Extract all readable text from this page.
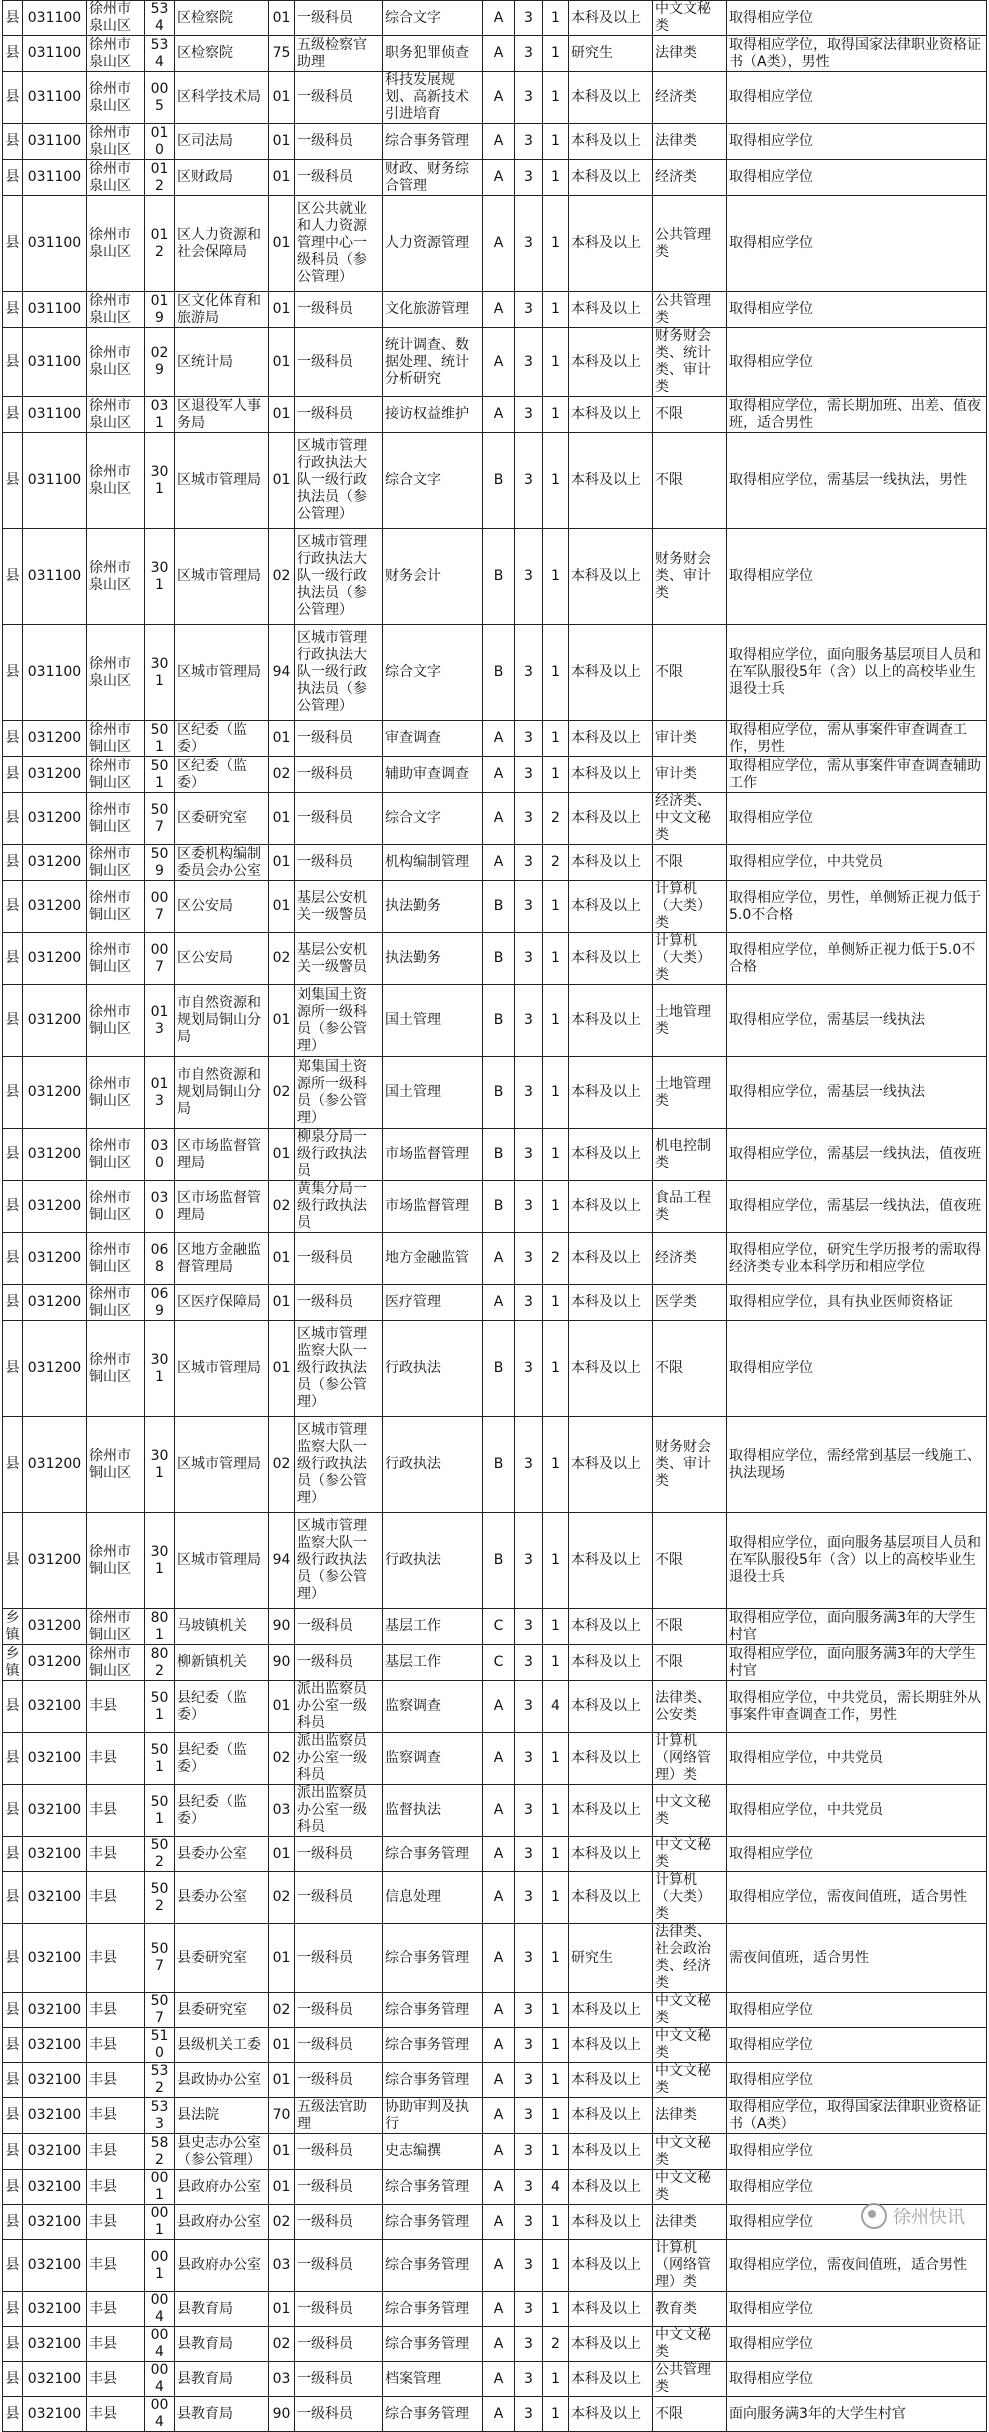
县	031100	徐州市泉山区	534	区检察院	01	一级科员	综合文字	A	3	1	本科及以上	中文文秘类	取得相应学位
县	031100	徐州市泉山区	534	区检察院	75	五级检察官助理	职务犯罪侦查	A	3	1	研究生	法律类	取得相应学位，取得国家法律职业资格证书（A类），男性
县	031100	徐州市泉山区	005	区科学技术局	01	一级科员	科技发展规划、高新技术引进培育	A	3	1	本科及以上	经济类	取得相应学位
县	031100	徐州市泉山区	010	区司法局	01	一级科员	综合事务管理	A	3	1	本科及以上	法律类	取得相应学位
县	031100	徐州市泉山区	012	区财政局	01	一级科员	财政、财务综合管理	A	3	1	本科及以上	经济类	取得相应学位
县	031100	徐州市泉山区	012	区人力资源和社会保障局	01	区公共就业和人力资源管理中心一级科员（参公管理）	人力资源管理	A	3	1	本科及以上	公共管理类	取得相应学位
县	031100	徐州市泉山区	019	区文化体育和旅游局	01	一级科员	文化旅游管理	A	3	1	本科及以上	公共管理类	取得相应学位
县	031100	徐州市泉山区	029	区统计局	01	一级科员	统计调查、数据处理、统计分析研究	A	3	1	本科及以上	财务财会类、统计类、审计类	取得相应学位
县	031100	徐州市泉山区	031	区退役军人事务局	01	一级科员	接访权益维护	A	3	1	本科及以上	不限	取得相应学位，需长期加班、出差、值夜班，适合男性
县	031100	徐州市泉山区	301	区城市管理局	01	区城市管理行政执法大队一级行政执法员（参公管理）	综合文字	B	3	1	本科及以上	不限	取得相应学位，需基层一线执法，男性
县	031100	徐州市泉山区	301	区城市管理局	02	区城市管理行政执法大队一级行政执法员（参公管理）	财务会计	B	3	1	本科及以上	财务财会类、审计类	取得相应学位
县	031100	徐州市泉山区	301	区城市管理局	94	区城市管理行政执法大队一级行政执法员（参公管理）	综合文字	B	3	1	本科及以上	不限	取得相应学位，面向服务基层项目人员和在军队服役5年（含）以上的高校毕业生退役士兵
县	031200	徐州市铜山区	501	区纪委（监委）	01	一级科员	审查调查	A	3	1	本科及以上	审计类	取得相应学位，需从事案件审查调查工作，男性
县	031200	徐州市铜山区	501	区纪委（监委）	02	一级科员	辅助审查调查	A	3	1	本科及以上	审计类	取得相应学位，需从事案件审查调查辅助工作
县	031200	徐州市铜山区	507	区委研究室	01	一级科员	综合文字	A	3	2	本科及以上	经济类、中文文秘类	取得相应学位
县	031200	徐州市铜山区	509	区委机构编制委员会办公室	01	一级科员	机构编制管理	A	3	2	本科及以上	不限	取得相应学位，中共党员
县	031200	徐州市铜山区	007	区公安局	01	基层公安机关一级警员	执法勤务	B	3	1	本科及以上	计算机（大类）类	取得相应学位，男性，单侧矫正视力低于5.0不合格
县	031200	徐州市铜山区	007	区公安局	02	基层公安机关一级警员	执法勤务	B	3	1	本科及以上	计算机（大类）类	取得相应学位，单侧矫正视力低于5.0不合格
县	031200	徐州市铜山区	013	市自然资源和规划局铜山分局	01	刘集国土资源所一级科员（参公管理）	国土管理	B	3	1	本科及以上	土地管理类	取得相应学位，需基层一线执法
县	031200	徐州市铜山区	013	市自然资源和规划局铜山分局	02	郑集国土资源所一级科员（参公管理）	国土管理	B	3	1	本科及以上	土地管理类	取得相应学位，需基层一线执法
县	031200	徐州市铜山区	030	区市场监督管理局	01	柳泉分局一级行政执法员	市场监督管理	B	3	1	本科及以上	机电控制类	取得相应学位，需基层一线执法，值夜班
县	031200	徐州市铜山区	030	区市场监督管理局	02	黄集分局一级行政执法员	市场监督管理	B	3	1	本科及以上	食品工程类	取得相应学位，需基层一线执法，值夜班
县	031200	徐州市铜山区	068	区地方金融监督管理局	01	一级科员	地方金融监管	A	3	2	本科及以上	经济类	取得相应学位，研究生学历报考的需取得经济类专业本科学历和相应学位
县	031200	徐州市铜山区	069	区医疗保障局	01	一级科员	医疗管理	A	3	1	本科及以上	医学类	取得相应学位，具有执业医师资格证
县	031200	徐州市铜山区	301	区城市管理局	01	区城市管理监察大队一级行政执法员（参公管理）	行政执法	B	3	1	本科及以上	不限	取得相应学位
县	031200	徐州市铜山区	301	区城市管理局	02	区城市管理监察大队一级行政执法员（参公管理）	行政执法	B	3	1	本科及以上	财务财会类、审计类	取得相应学位，需经常到基层一线施工、执法现场
县	031200	徐州市铜山区	301	区城市管理局	94	区城市管理监察大队一级行政执法员（参公管理）	行政执法	B	3	1	本科及以上	不限	取得相应学位，面向服务基层项目人员和在军队服役5年（含）以上的高校毕业生退役士兵
乡镇	031200	徐州市铜山区	801	马坡镇机关	90	一级科员	基层工作	C	3	1	本科及以上	不限	取得相应学位，面向服务满3年的大学生村官
乡镇	031200	徐州市铜山区	802	柳新镇机关	90	一级科员	基层工作	C	3	1	本科及以上	不限	取得相应学位，面向服务满3年的大学生村官
县	032100	丰县	501	县纪委（监委）	01	派出监察员办公室一级科员	监察调查	A	3	4	本科及以上	法律类、公安类	取得相应学位，中共党员，需长期驻外从事案件审查调查工作，男性
县	032100	丰县	501	县纪委（监委）	02	派出监察员办公室一级科员	监察调查	A	3	1	本科及以上	计算机（网络管理）类	取得相应学位，中共党员
县	032100	丰县	501	县纪委（监委）	03	派出监察员办公室一级科员	监督执法	A	3	1	本科及以上	中文文秘类	取得相应学位，中共党员
县	032100	丰县	502	县委办公室	01	一级科员	综合事务管理	A	3	1	本科及以上	中文文秘类	取得相应学位
县	032100	丰县	502	县委办公室	02	一级科员	信息处理	A	3	1	本科及以上	计算机（大类）类	取得相应学位，需夜间值班，适合男性
县	032100	丰县	507	县委研究室	01	一级科员	综合事务管理	A	3	1	研究生	法律类、社会政治类、经济类	需夜间值班，适合男性
县	032100	丰县	507	县委研究室	02	一级科员	综合事务管理	A	3	1	本科及以上	中文文秘类	取得相应学位
县	032100	丰县	510	县级机关工委	01	一级科员	综合事务管理	A	3	1	本科及以上	中文文秘类	取得相应学位
县	032100	丰县	532	县政协办公室	01	一级科员	综合事务管理	A	3	1	本科及以上	中文文秘类	取得相应学位
县	032100	丰县	533	县法院	70	五级法官助理	协助审判及执行	A	3	1	本科及以上	法律类	取得相应学位，取得国家法律职业资格证书（A类）
县	032100	丰县	582	县史志办公室（参公管理）	01	一级科员	史志编撰	A	3	1	本科及以上	中文文秘类	取得相应学位
县	032100	丰县	001	县政府办公室	01	一级科员	综合事务管理	A	3	4	本科及以上	中文文秘类	取得相应学位
县	032100	丰县	001	县政府办公室	02	一级科员	综合事务管理	A	3	1	本科及以上	法律类	取得相应学位
县	032100	丰县	001	县政府办公室	03	一级科员	综合事务管理	A	3	1	本科及以上	计算机（网络管理）类	取得相应学位，需夜间值班，适合男性
县	032100	丰县	004	县教育局	01	一级科员	综合事务管理	A	3	1	本科及以上	教育类	取得相应学位
县	032100	丰县	004	县教育局	02	一级科员	综合事务管理	A	3	2	本科及以上	中文文秘类	取得相应学位
县	032100	丰县	004	县教育局	03	一级科员	档案管理	A	3	1	本科及以上	公共管理类	取得相应学位
县	032100	丰县	004	县教育局	90	一级科员	综合事务管理	A	3	1	本科及以上	不限	面向服务满3年的大学生村官
徐州快讯
